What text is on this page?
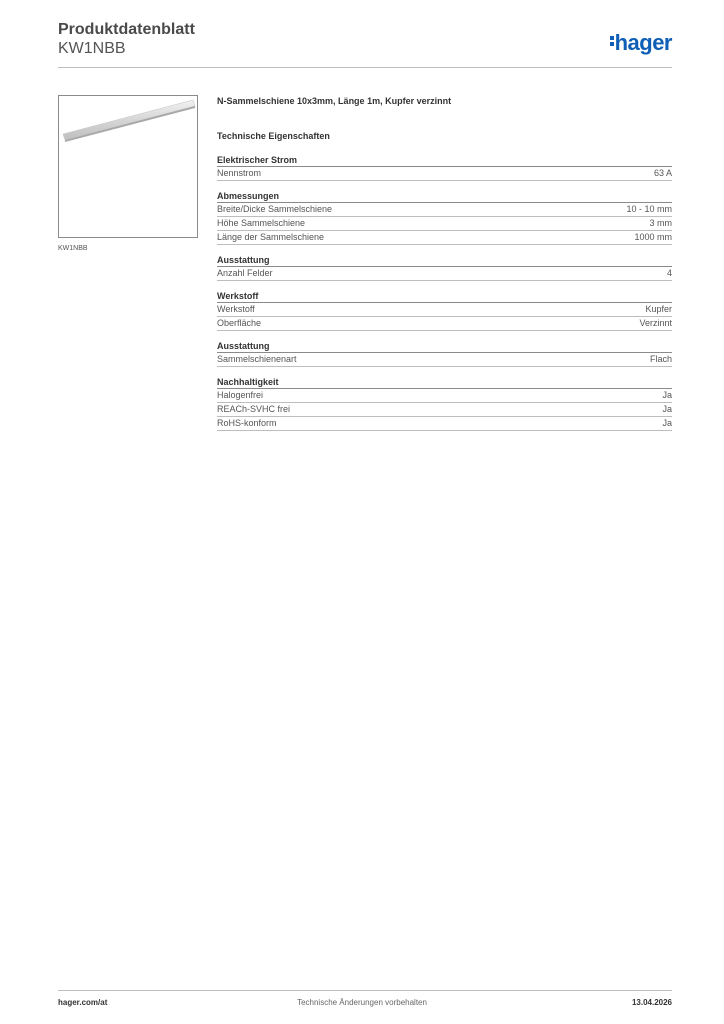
Produktdatenblatt
KW1NBB	hager
KW1NBB
N-Sammelschiene 10x3mm, Länge 1m, Kupfer verzinnt
Technische Eigenschaften
Elektrischer Strom
Nennstrom	63 A
Abmessungen
Breite/Dicke Sammelschiene	10 - 10 mm
Höhe Sammelschiene	3 mm
Länge der Sammelschiene	1000 mm
Ausstattung
Anzahl Felder	4
Werkstoff
Werkstoff	Kupfer
Oberfläche	Verzinnt
Ausstattung
Sammelschienenart	Flach
Nachhaltigkeit
Halogenfrei	Ja
REACh-SVHC frei	Ja
RoHS-konform	Ja
hager.com/at	Technische Änderungen vorbehalten	13.04.2026
